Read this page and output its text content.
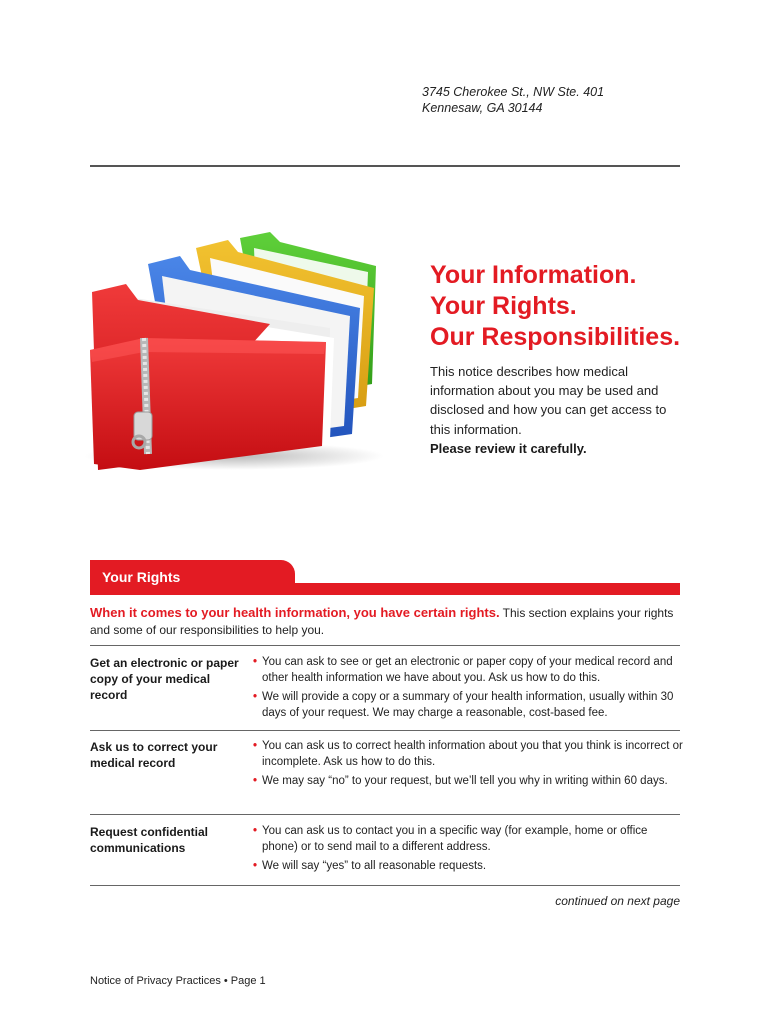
3745 Cherokee St., NW Ste. 401
Kennesaw, GA 30144
Your Information.
Your Rights.
Our Responsibilities.
This notice describes how medical information about you may be used and disclosed and how you can get access to this information.
Please review it carefully.
Your Rights
When it comes to your health information, you have certain rights. This section explains your rights and some of our responsibilities to help you.
Get an electronic or paper copy of your medical record
• You can ask to see or get an electronic or paper copy of your medical record and other health information we have about you. Ask us how to do this.
• We will provide a copy or a summary of your health information, usually within 30 days of your request. We may charge a reasonable, cost-based fee.
Ask us to correct your medical record
• You can ask us to correct health information about you that you think is incorrect or incomplete. Ask us how to do this.
• We may say “no” to your request, but we’ll tell you why in writing within 60 days.
Request confidential communications
• You can ask us to contact you in a specific way (for example, home or office phone) or to send mail to a different address.
• We will say “yes” to all reasonable requests.
continued on next page
Notice of Privacy Practices • Page 1
